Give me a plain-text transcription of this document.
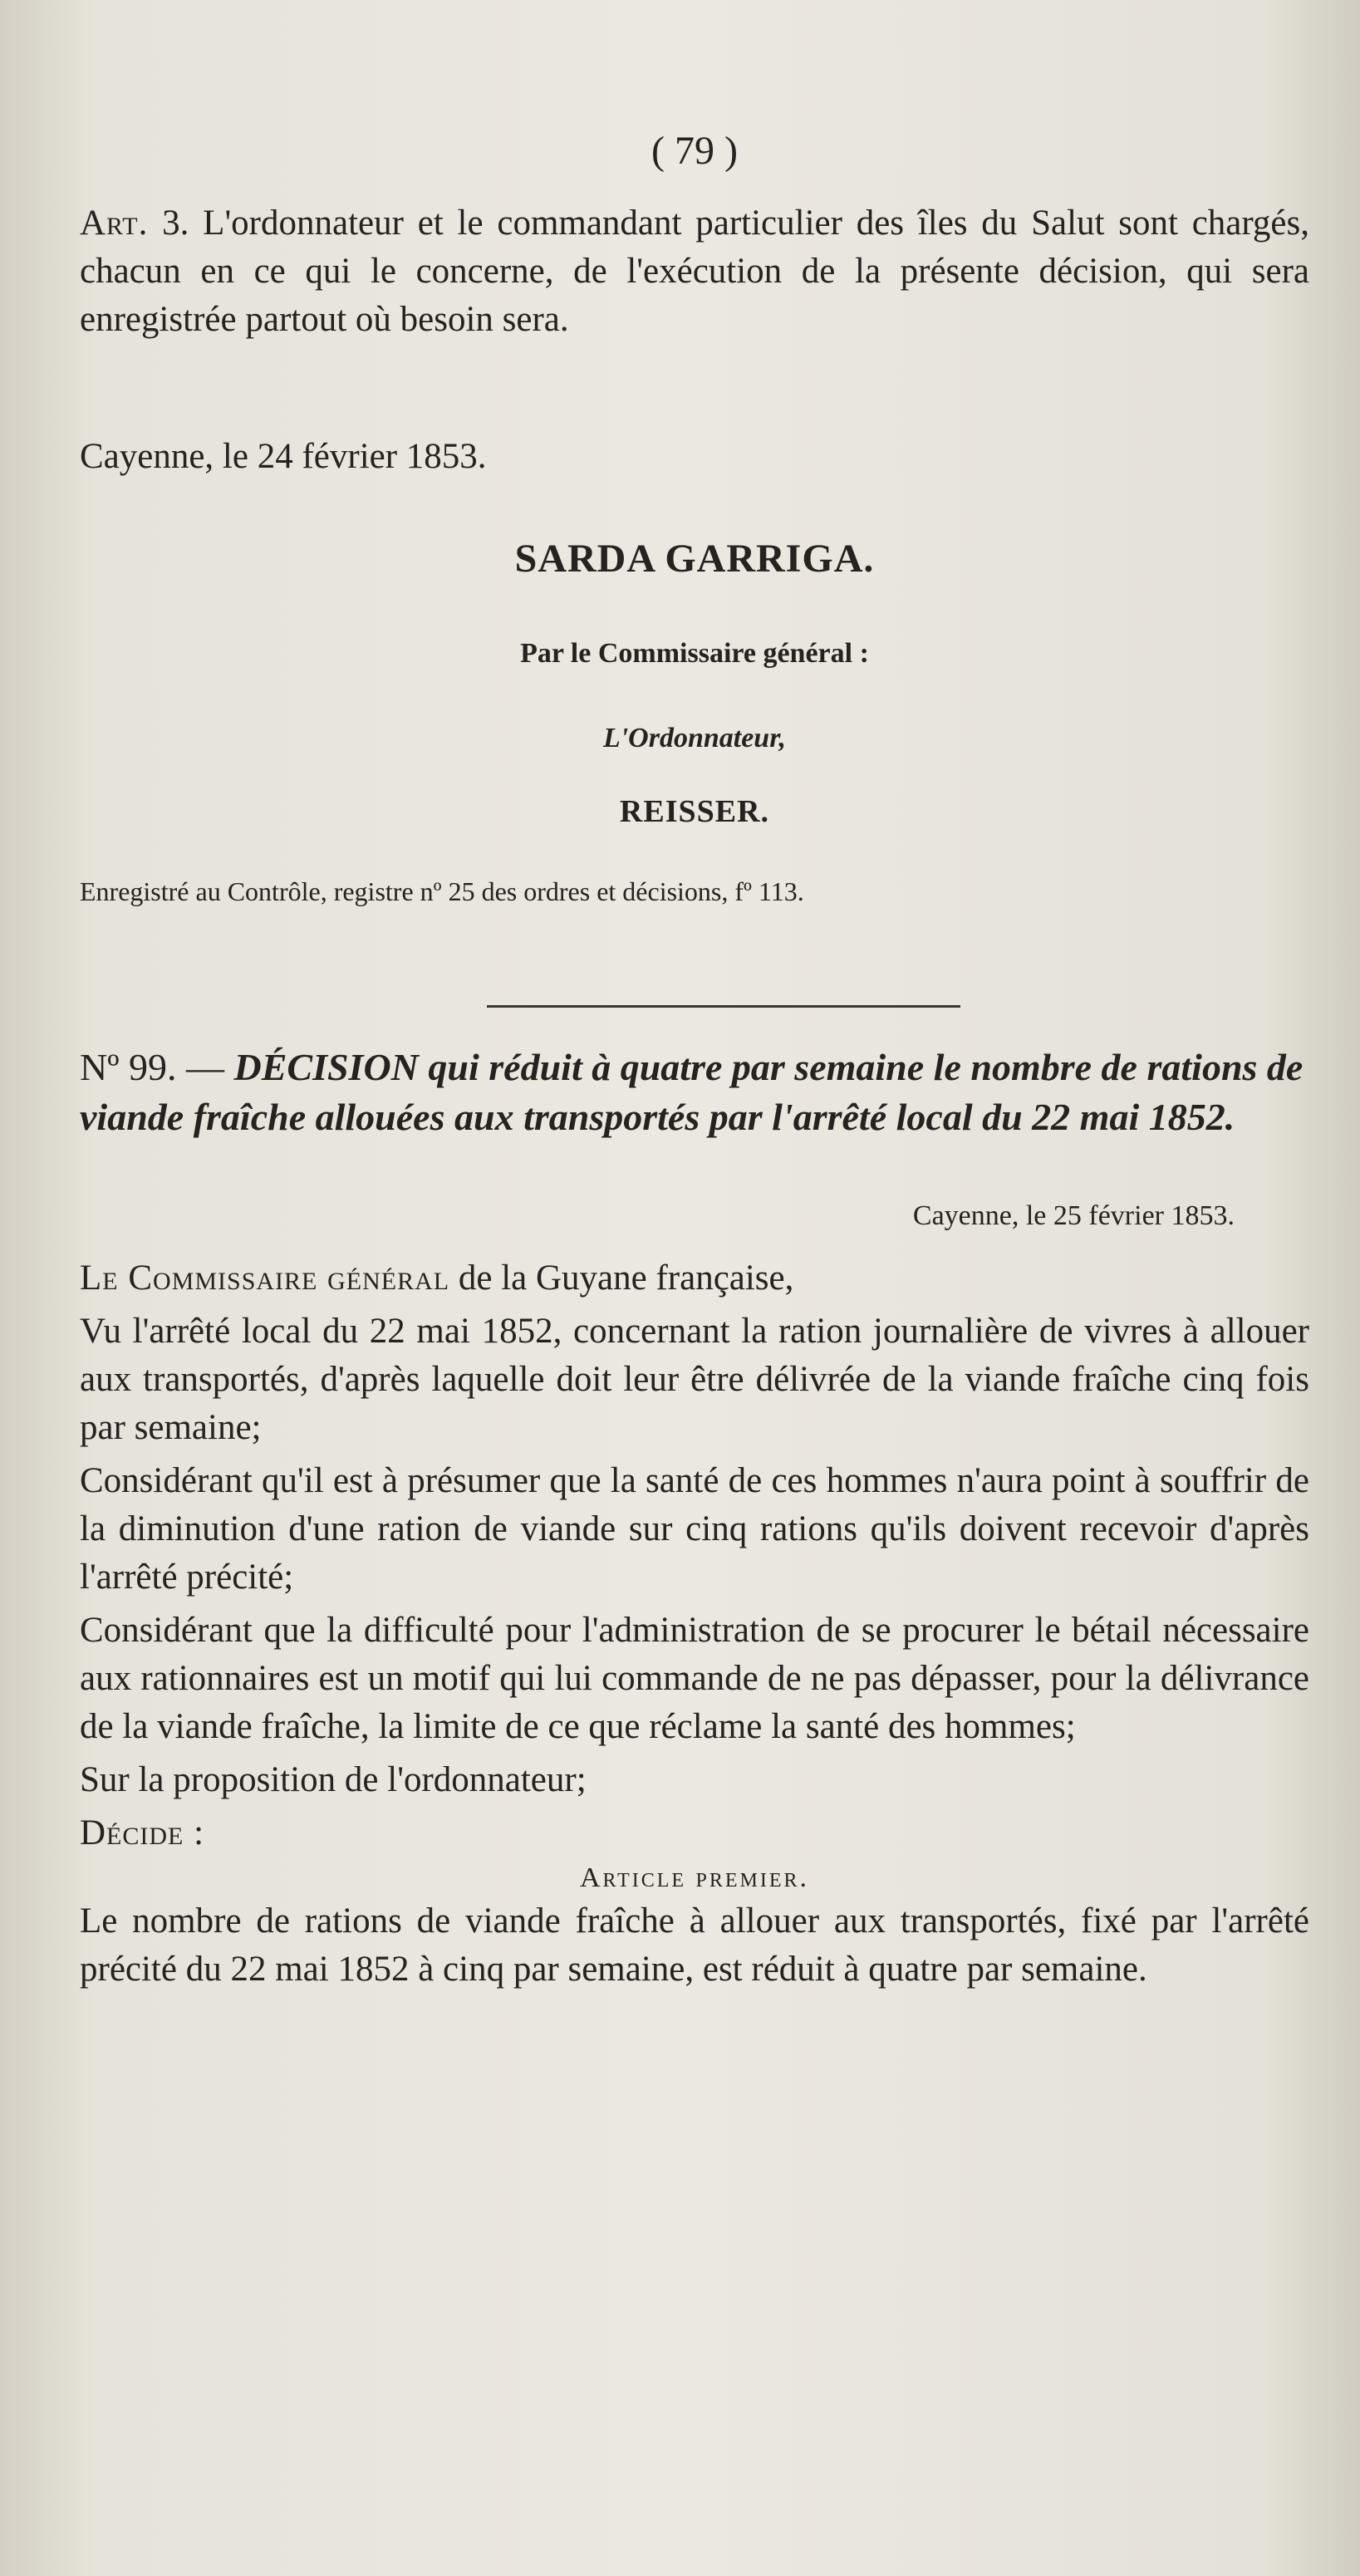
( 79 )

Art. 3. L'ordonnateur et le commandant particulier des îles du Salut sont chargés, chacun en ce qui le concerne, de l'exécution de la présente décision, qui sera enregistrée partout où besoin sera.

Cayenne, le 24 février 1853.
SARDA GARRIGA.
Par le Commissaire général :
L'Ordonnateur,
REISSER.
Enregistré au Contrôle, registre nº 25 des ordres et décisions, fº 113.
Nº 99. — DÉCISION qui réduit à quatre par semaine le nombre de rations de viande fraîche allouées aux transportés par l'arrêté local du 22 mai 1852.
Cayenne, le 25 février 1853.

Le Commissaire général de la Guyane française,

Vu l'arrêté local du 22 mai 1852, concernant la ration journalière de vivres à allouer aux transportés, d'après laquelle doit leur être délivrée de la viande fraîche cinq fois par semaine;

Considérant qu'il est à présumer que la santé de ces hommes n'aura point à souffrir de la diminution d'une ration de viande sur cinq rations qu'ils doivent recevoir d'après l'arrêté précité;

Considérant que la difficulté pour l'administration de se procurer le bétail nécessaire aux rationnaires est un motif qui lui commande de ne pas dépasser, pour la délivrance de la viande fraîche, la limite de ce que réclame la santé des hommes;

Sur la proposition de l'ordonnateur;

Décide :

Article premier.

Le nombre de rations de viande fraîche à allouer aux transportés, fixé par l'arrêté précité du 22 mai 1852 à cinq par semaine, est réduit à quatre par semaine.
